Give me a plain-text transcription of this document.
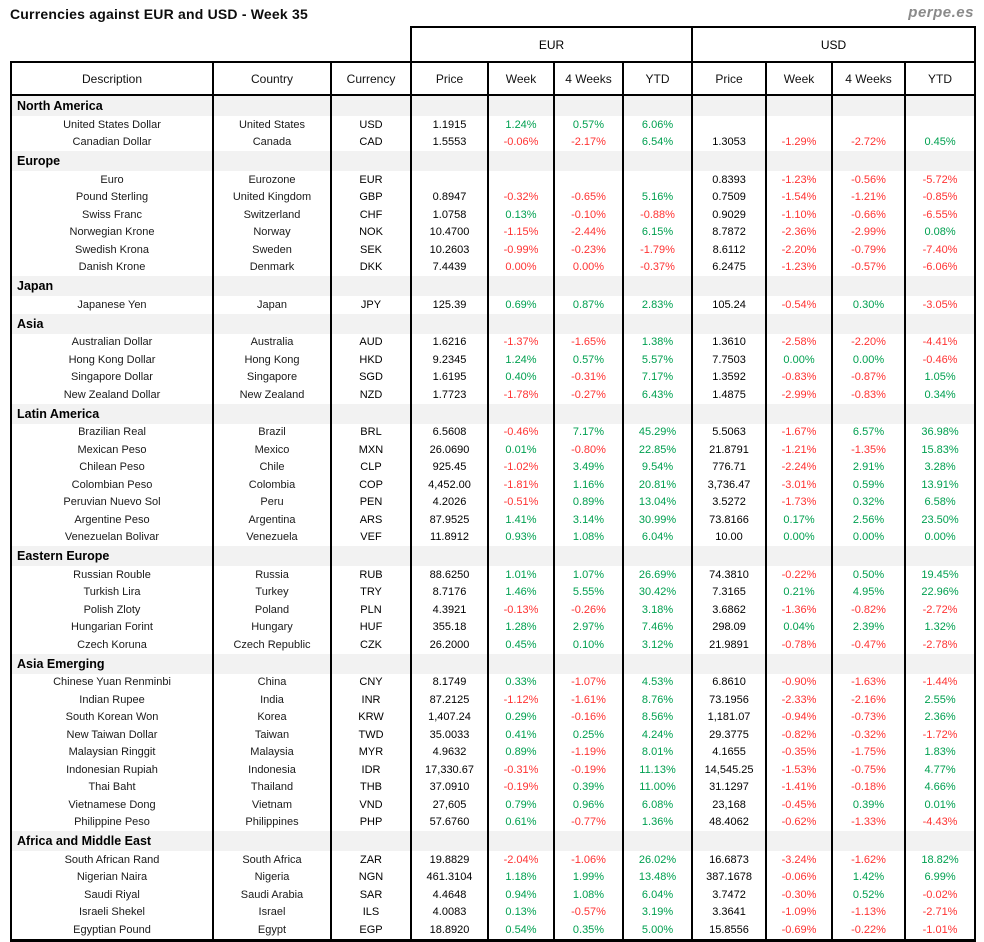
Currencies against EUR and USD - Week 35	perpe.es
			EUR				USD			
Description	Country	Currency	Price	Week	4 Weeks	YTD	Price	Week	4 Weeks	YTD
North America										
United States Dollar	United States	USD	1.1915	1.24%	0.57%	6.06%				
Canadian Dollar	Canada	CAD	1.5553	-0.06%	-2.17%	6.54%	1.3053	-1.29%	-2.72%	0.45%
Europe										
Euro	Eurozone	EUR					0.8393	-1.23%	-0.56%	-5.72%
Pound Sterling	United Kingdom	GBP	0.8947	-0.32%	-0.65%	5.16%	0.7509	-1.54%	-1.21%	-0.85%
Swiss Franc	Switzerland	CHF	1.0758	0.13%	-0.10%	-0.88%	0.9029	-1.10%	-0.66%	-6.55%
Norwegian Krone	Norway	NOK	10.4700	-1.15%	-2.44%	6.15%	8.7872	-2.36%	-2.99%	0.08%
Swedish Krona	Sweden	SEK	10.2603	-0.99%	-0.23%	-1.79%	8.6112	-2.20%	-0.79%	-7.40%
Danish Krone	Denmark	DKK	7.4439	0.00%	0.00%	-0.37%	6.2475	-1.23%	-0.57%	-6.06%
Japan										
Japanese Yen	Japan	JPY	125.39	0.69%	0.87%	2.83%	105.24	-0.54%	0.30%	-3.05%
Asia										
Australian Dollar	Australia	AUD	1.6216	-1.37%	-1.65%	1.38%	1.3610	-2.58%	-2.20%	-4.41%
Hong Kong Dollar	Hong Kong	HKD	9.2345	1.24%	0.57%	5.57%	7.7503	0.00%	0.00%	-0.46%
Singapore Dollar	Singapore	SGD	1.6195	0.40%	-0.31%	7.17%	1.3592	-0.83%	-0.87%	1.05%
New Zealand Dollar	New Zealand	NZD	1.7723	-1.78%	-0.27%	6.43%	1.4875	-2.99%	-0.83%	0.34%
Latin America										
Brazilian Real	Brazil	BRL	6.5608	-0.46%	7.17%	45.29%	5.5063	-1.67%	6.57%	36.98%
Mexican Peso	Mexico	MXN	26.0690	0.01%	-0.80%	22.85%	21.8791	-1.21%	-1.35%	15.83%
Chilean Peso	Chile	CLP	925.45	-1.02%	3.49%	9.54%	776.71	-2.24%	2.91%	3.28%
Colombian Peso	Colombia	COP	4,452.00	-1.81%	1.16%	20.81%	3,736.47	-3.01%	0.59%	13.91%
Peruvian Nuevo Sol	Peru	PEN	4.2026	-0.51%	0.89%	13.04%	3.5272	-1.73%	0.32%	6.58%
Argentine Peso	Argentina	ARS	87.9525	1.41%	3.14%	30.99%	73.8166	0.17%	2.56%	23.50%
Venezuelan Bolivar	Venezuela	VEF	11.8912	0.93%	1.08%	6.04%	10.00	0.00%	0.00%	0.00%
Eastern Europe										
Russian Rouble	Russia	RUB	88.6250	1.01%	1.07%	26.69%	74.3810	-0.22%	0.50%	19.45%
Turkish Lira	Turkey	TRY	8.7176	1.46%	5.55%	30.42%	7.3165	0.21%	4.95%	22.96%
Polish Zloty	Poland	PLN	4.3921	-0.13%	-0.26%	3.18%	3.6862	-1.36%	-0.82%	-2.72%
Hungarian Forint	Hungary	HUF	355.18	1.28%	2.97%	7.46%	298.09	0.04%	2.39%	1.32%
Czech Koruna	Czech Republic	CZK	26.2000	0.45%	0.10%	3.12%	21.9891	-0.78%	-0.47%	-2.78%
Asia Emerging										
Chinese Yuan Renminbi	China	CNY	8.1749	0.33%	-1.07%	4.53%	6.8610	-0.90%	-1.63%	-1.44%
Indian Rupee	India	INR	87.2125	-1.12%	-1.61%	8.76%	73.1956	-2.33%	-2.16%	2.55%
South Korean Won	Korea	KRW	1,407.24	0.29%	-0.16%	8.56%	1,181.07	-0.94%	-0.73%	2.36%
New Taiwan Dollar	Taiwan	TWD	35.0033	0.41%	0.25%	4.24%	29.3775	-0.82%	-0.32%	-1.72%
Malaysian Ringgit	Malaysia	MYR	4.9632	0.89%	-1.19%	8.01%	4.1655	-0.35%	-1.75%	1.83%
Indonesian Rupiah	Indonesia	IDR	17,330.67	-0.31%	-0.19%	11.13%	14,545.25	-1.53%	-0.75%	4.77%
Thai Baht	Thailand	THB	37.0910	-0.19%	0.39%	11.00%	31.1297	-1.41%	-0.18%	4.66%
Vietnamese Dong	Vietnam	VND	27,605	0.79%	0.96%	6.08%	23,168	-0.45%	0.39%	0.01%
Philippine Peso	Philippines	PHP	57.6760	0.61%	-0.77%	1.36%	48.4062	-0.62%	-1.33%	-4.43%
Africa and Middle East										
South African Rand	South Africa	ZAR	19.8829	-2.04%	-1.06%	26.02%	16.6873	-3.24%	-1.62%	18.82%
Nigerian Naira	Nigeria	NGN	461.3104	1.18%	1.99%	13.48%	387.1678	-0.06%	1.42%	6.99%
Saudi Riyal	Saudi Arabia	SAR	4.4648	0.94%	1.08%	6.04%	3.7472	-0.30%	0.52%	-0.02%
Israeli Shekel	Israel	ILS	4.0083	0.13%	-0.57%	3.19%	3.3641	-1.09%	-1.13%	-2.71%
Egyptian Pound	Egypt	EGP	18.8920	0.54%	0.35%	5.00%	15.8556	-0.69%	-0.22%	-1.01%
